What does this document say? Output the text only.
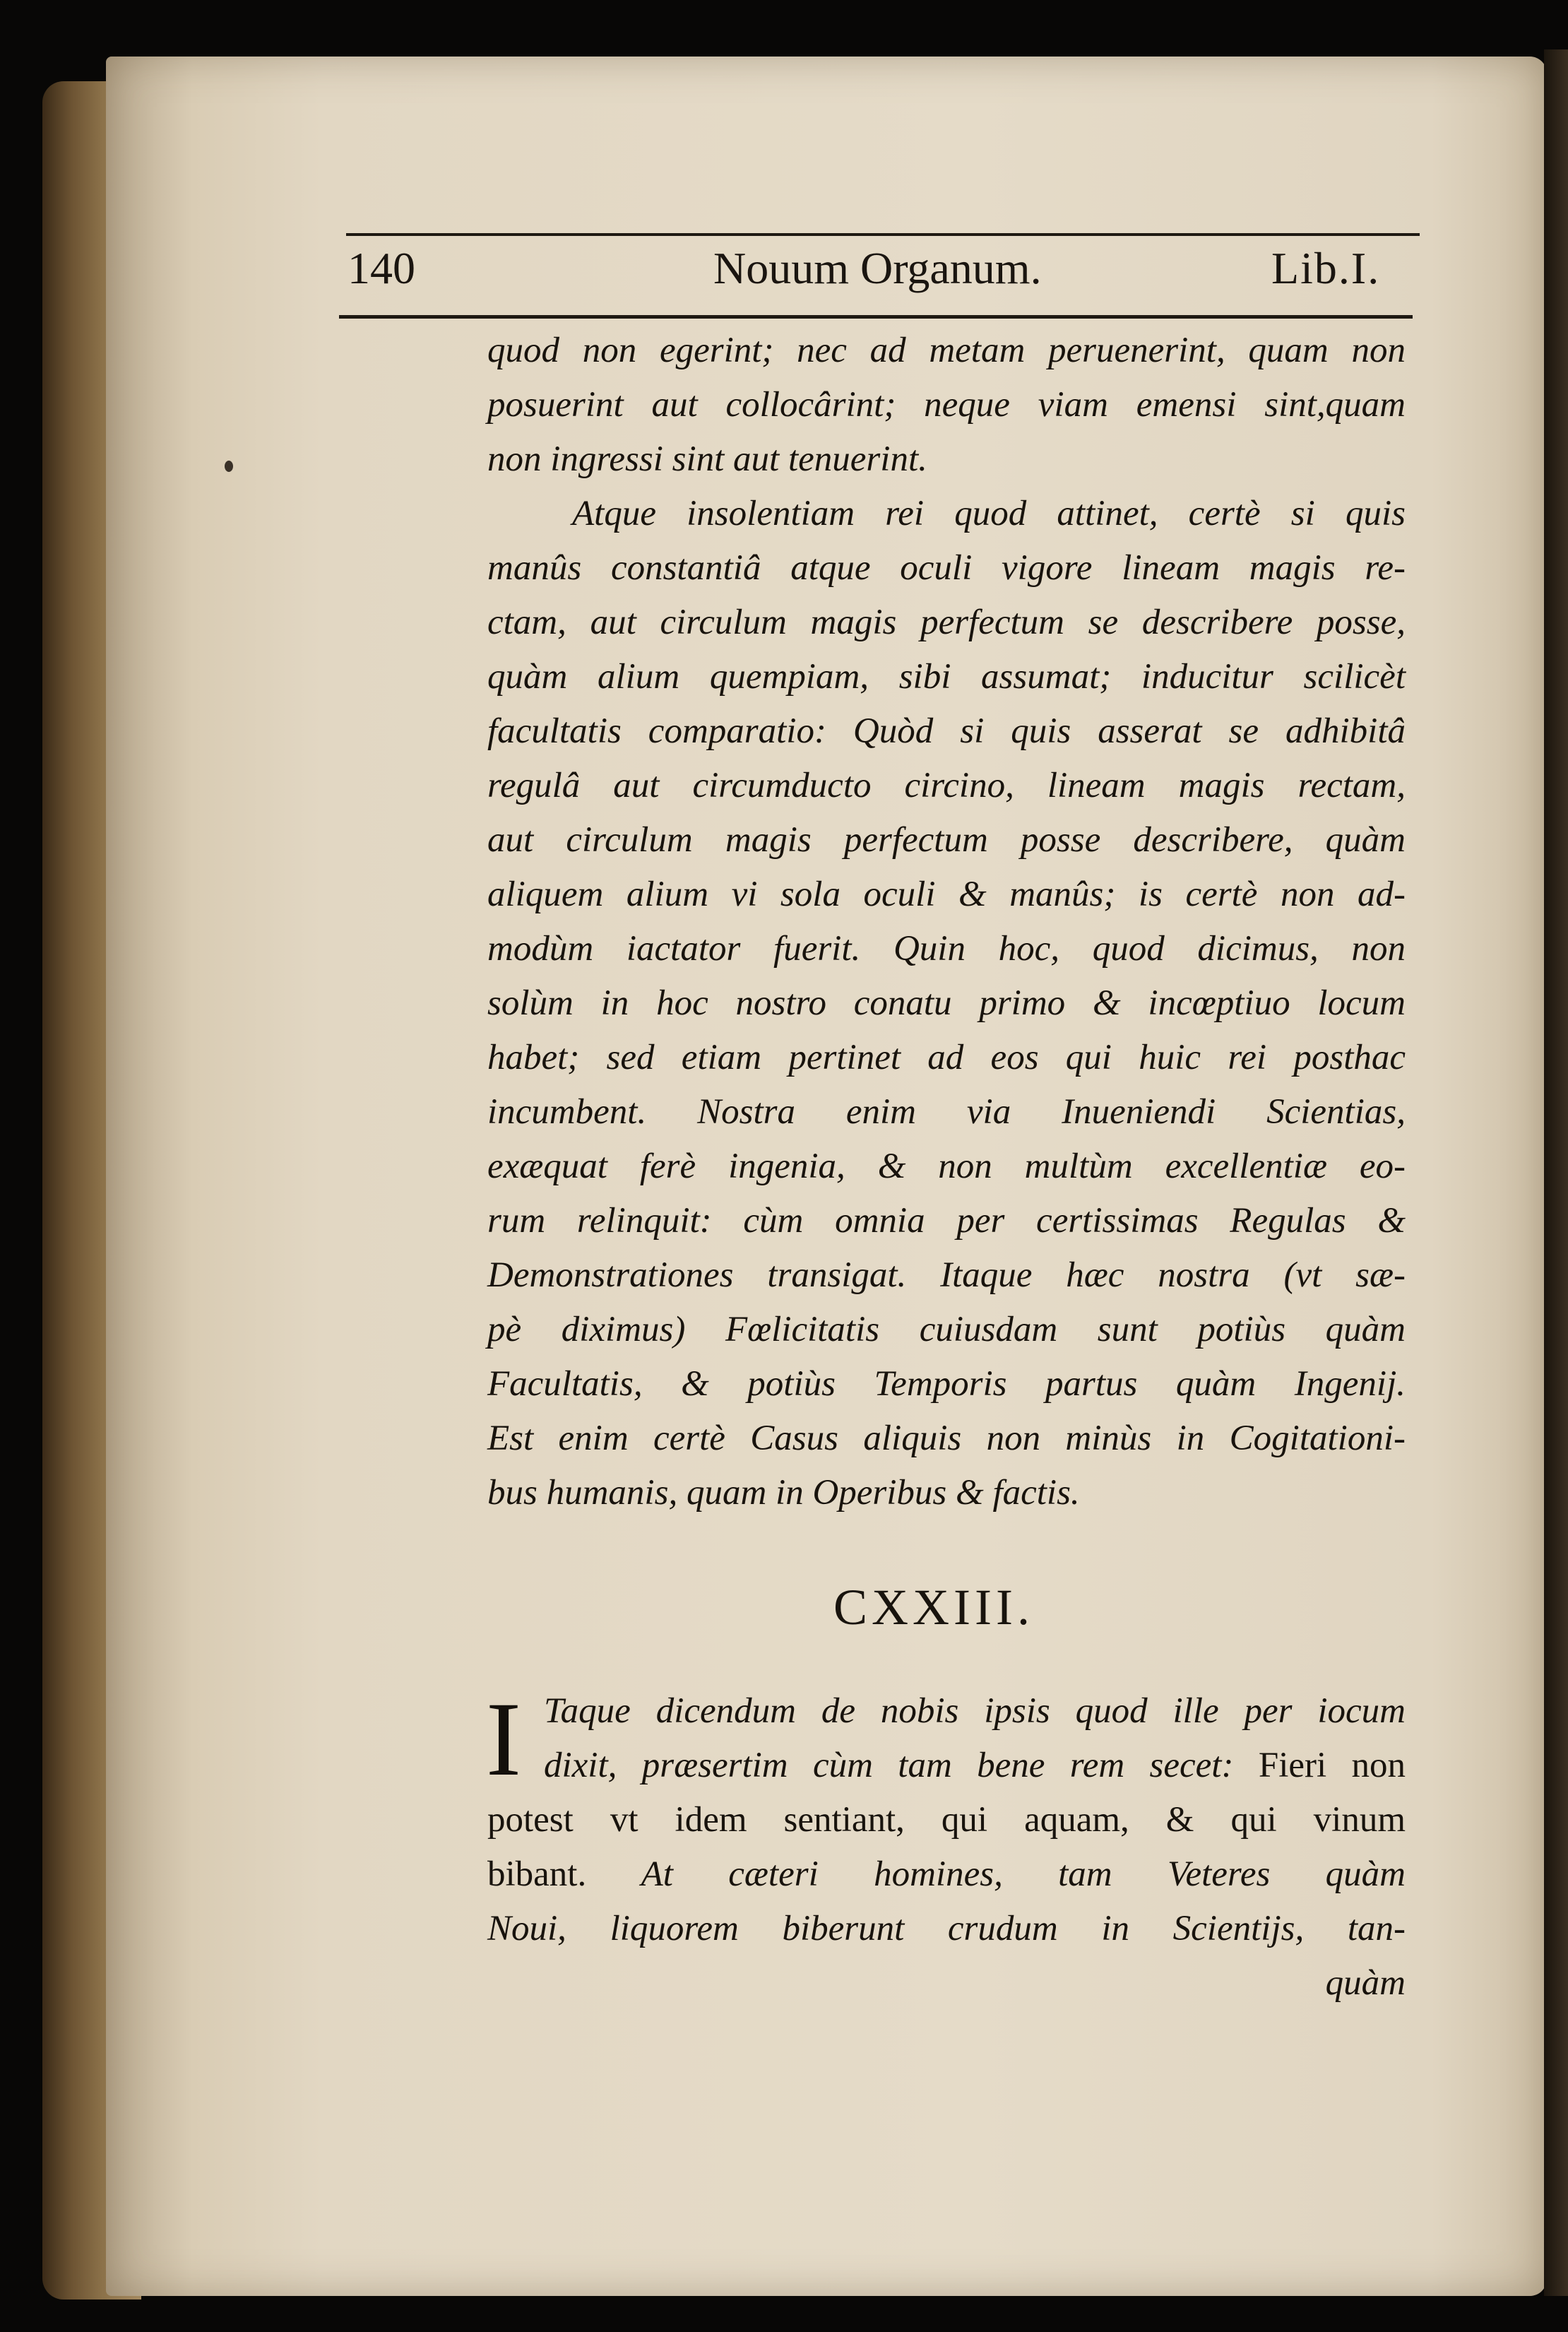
140	Nouum Organum.	Lib.I.
quod non egerint; nec ad metam peruenerint, quam non
posuerint aut collocârint; neque viam emensi sint,quam
non ingressi sint aut tenuerint.
Atque insolentiam rei quod attinet, certè si quis
manûs constantiâ atque oculi vigore lineam magis re-
ctam, aut circulum magis perfectum se describere posse,
quàm alium quempiam, sibi assumat; inducitur scilicèt
facultatis comparatio: Quòd si quis asserat se adhibitâ
regulâ aut circumducto circino, lineam magis rectam,
aut circulum magis perfectum posse describere, quàm
aliquem alium vi sola oculi & manûs; is certè non ad-
modùm iactator fuerit. Quin hoc, quod dicimus, non
solùm in hoc nostro conatu primo & incœptiuo locum
habet; sed etiam pertinet ad eos qui huic rei posthac
incumbent. Nostra enim via Inueniendi Scientias,
exæquat ferè ingenia, & non multùm excellentiæ eo-
rum relinquit: cùm omnia per certissimas Regulas &
Demonstrationes transigat. Itaque hæc nostra (vt sæ-
pè diximus) Fœlicitatis cuiusdam sunt potiùs quàm
Facultatis, & potiùs Temporis partus quàm Ingenij.
Est enim certè Casus aliquis non minùs in Cogitationi-
bus humanis, quam in Operibus & factis.
CXXIII.
I Taque dicendum de nobis ipsis quod ille per iocum
dixit, præsertim cùm tam bene rem secet: Fieri non
potest vt idem sentiant, qui aquam, & qui vinum
bibant. At cæteri homines, tam Veteres quàm
Noui, liquorem biberunt crudum in Scientijs, tan-
quàm
